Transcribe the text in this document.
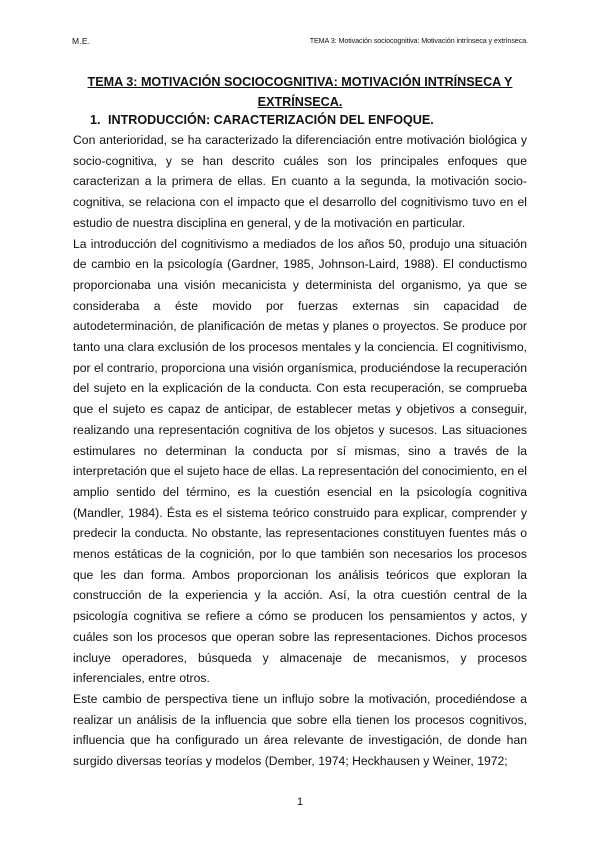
M.E.	TEMA 3: Motivación sociocognitiva: Motivación intrínseca y extrínseca.
TEMA 3: MOTIVACIÓN SOCIOCOGNITIVA: MOTIVACIÓN INTRÍNSECA Y EXTRÍNSECA.
1. INTRODUCCIÓN: CARACTERIZACIÓN DEL ENFOQUE.

Con anterioridad, se ha caracterizado la diferenciación entre motivación biológica y socio-cognitiva, y se han descrito cuáles son los principales enfoques que caracterizan a la primera de ellas. En cuanto a la segunda, la motivación socio-cognitiva, se relaciona con el impacto que el desarrollo del cognitivismo tuvo en el estudio de nuestra disciplina en general, y de la motivación en particular.

La introducción del cognitivismo a mediados de los años 50, produjo una situación de cambio en la psicología (Gardner, 1985, Johnson-Laird, 1988). El conductismo proporcionaba una visión mecanicista y determinista del organismo, ya que se consideraba a éste movido por fuerzas externas sin capacidad de autodeterminación, de planificación de metas y planes o proyectos. Se produce por tanto una clara exclusión de los procesos mentales y la conciencia. El cognitivismo, por el contrario, proporciona una visión organísmica, produciéndose la recuperación del sujeto en la explicación de la conducta. Con esta recuperación, se comprueba que el sujeto es capaz de anticipar, de establecer metas y objetivos a conseguir, realizando una representación cognitiva de los objetos y sucesos. Las situaciones estimulares no determinan la conducta por sí mismas, sino a través de la interpretación que el sujeto hace de ellas. La representación del conocimiento, en el amplio sentido del término, es la cuestión esencial en la psicología cognitiva (Mandler, 1984). Ésta es el sistema teórico construido para explicar, comprender y predecir la conducta. No obstante, las representaciones constituyen fuentes más o menos estáticas de la cognición, por lo que también son necesarios los procesos que les dan forma. Ambos proporcionan los análisis teóricos que exploran la construcción de la experiencia y la acción. Así, la otra cuestión central de la psicología cognitiva se refiere a cómo se producen los pensamientos y actos, y cuáles son los procesos que operan sobre las representaciones. Dichos procesos incluye operadores, búsqueda y almacenaje de mecanismos, y procesos inferenciales, entre otros.

Este cambio de perspectiva tiene un influjo sobre la motivación, procediéndose a realizar un análisis de la influencia que sobre ella tienen los procesos cognitivos, influencia que ha configurado un área relevante de investigación, de donde han surgido diversas teorías y modelos (Dember, 1974; Heckhausen y Weiner, 1972;

1
